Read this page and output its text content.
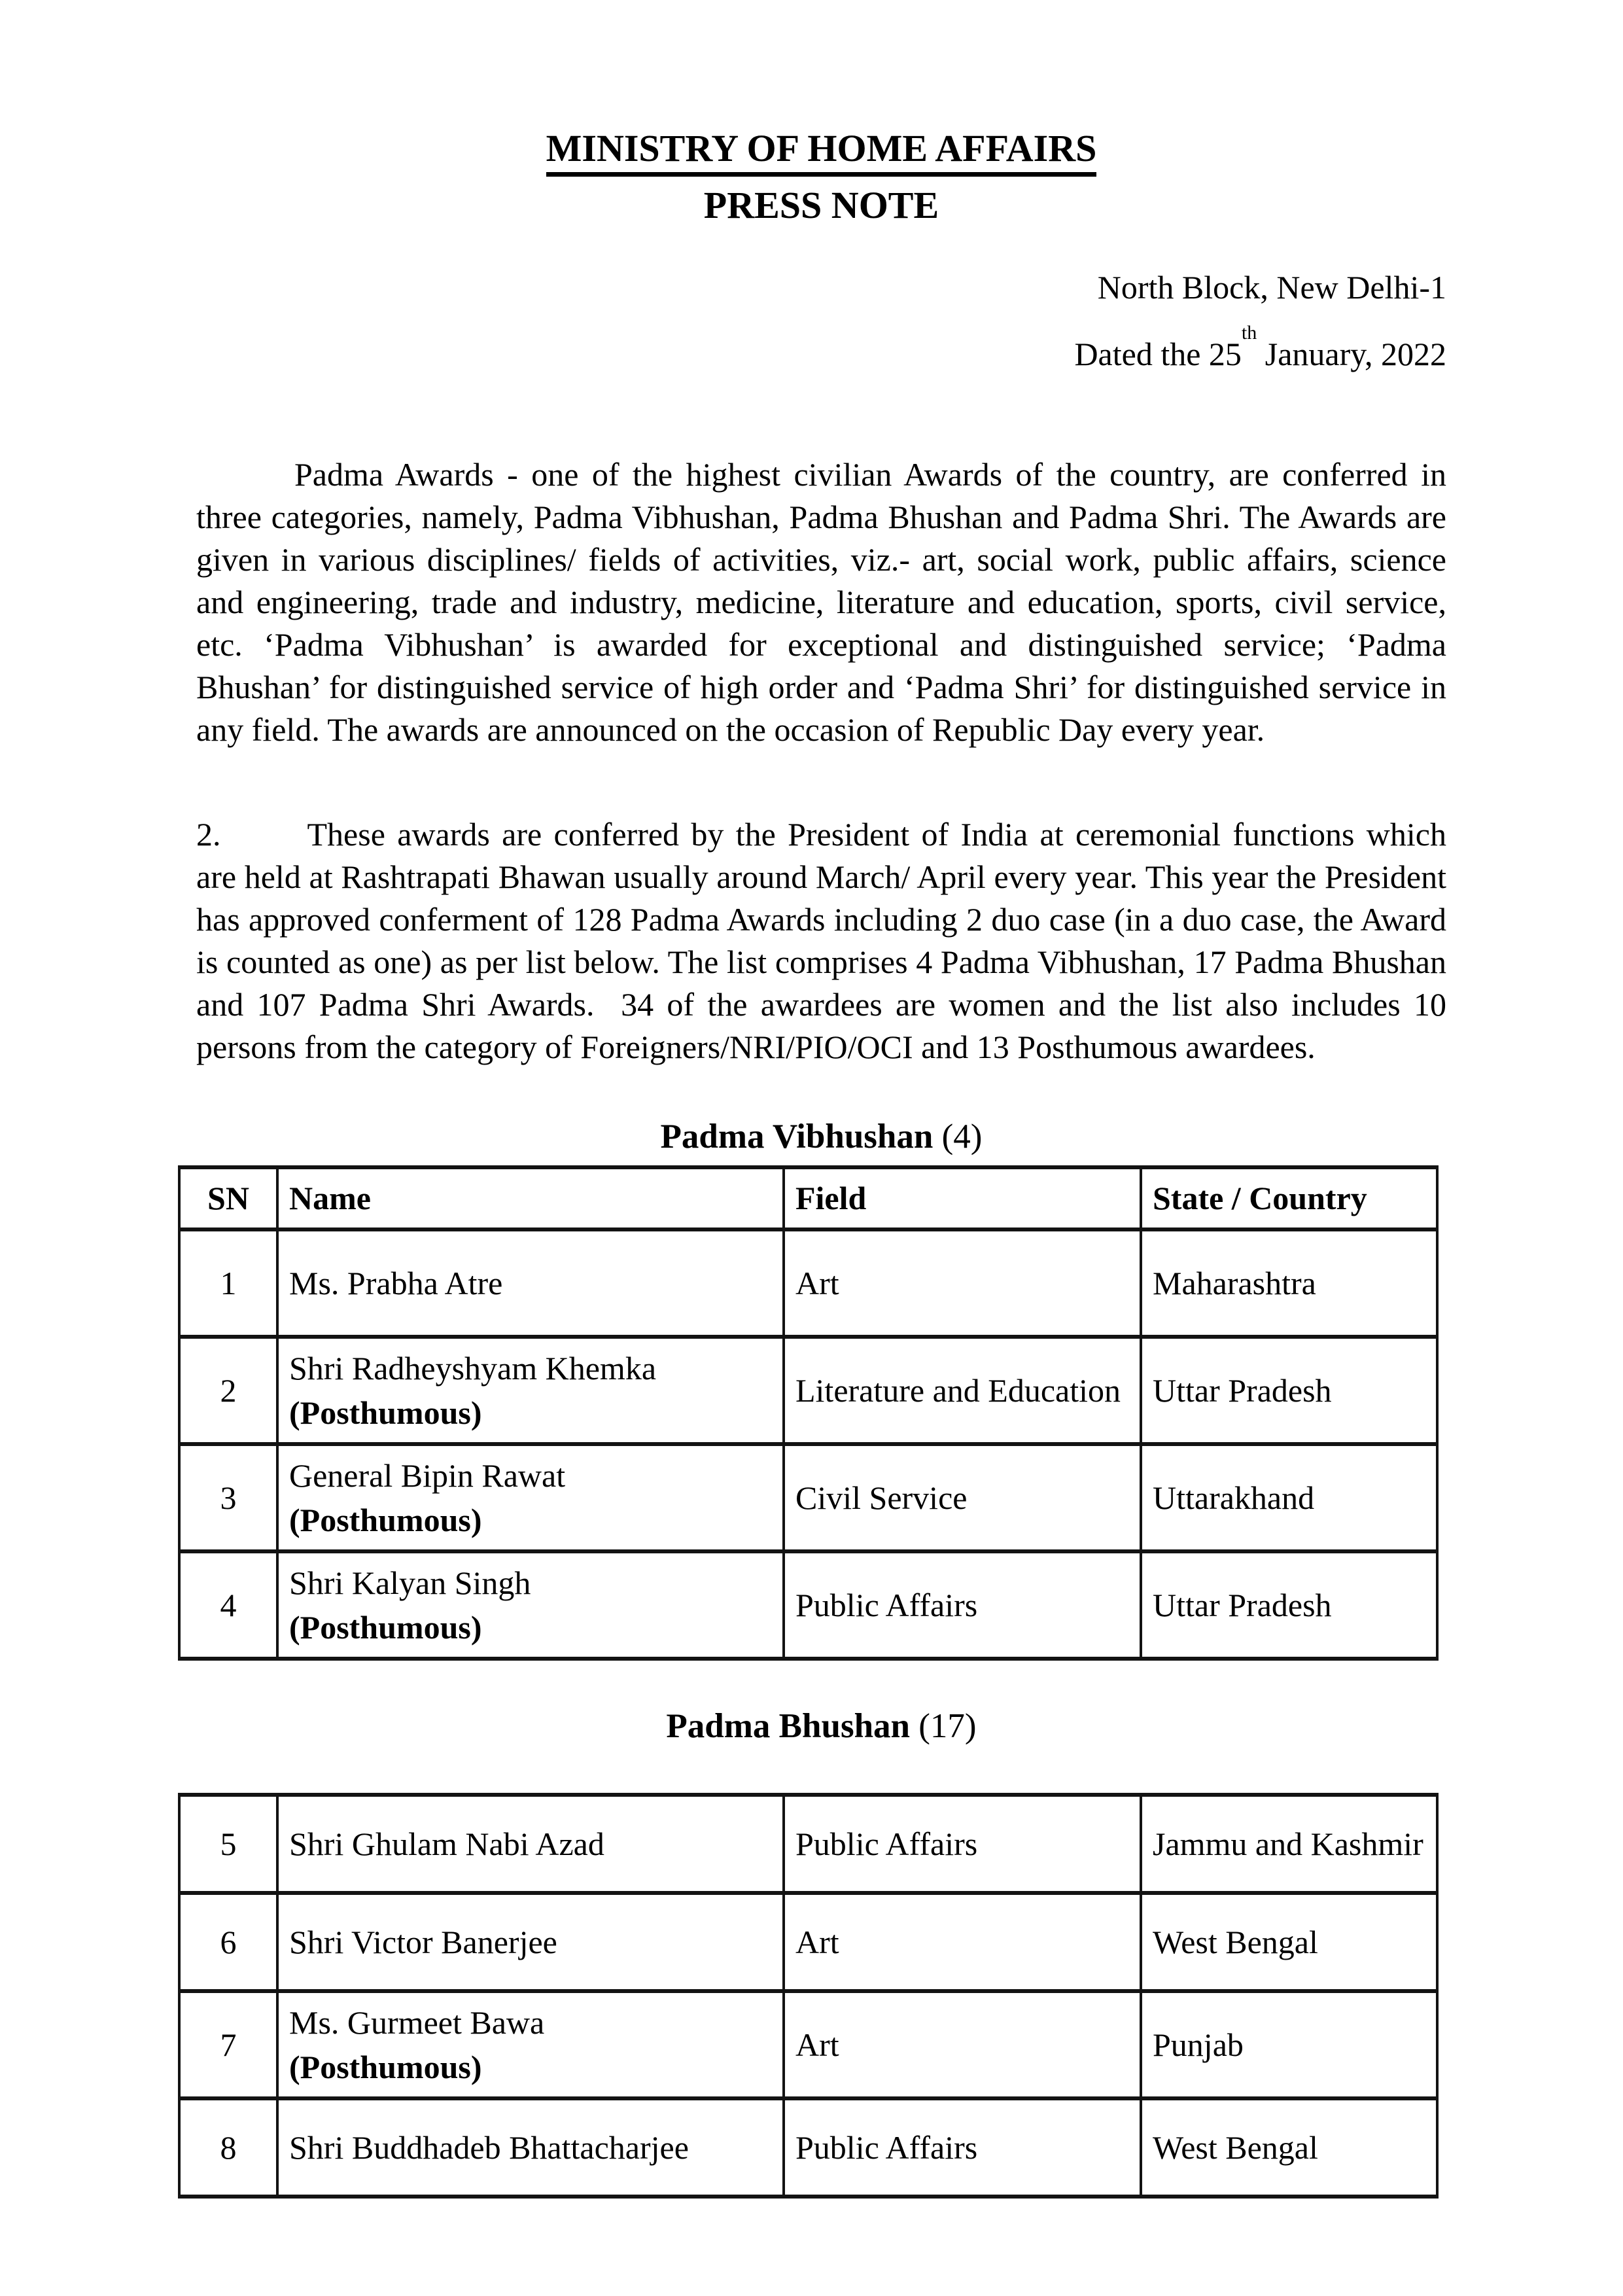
MINISTRY OF HOME AFFAIRS
PRESS NOTE
North Block, New Delhi-1
Dated the 25th January, 2022

Padma Awards - one of the highest civilian Awards of the country, are conferred in three categories, namely, Padma Vibhushan, Padma Bhushan and Padma Shri. The Awards are given in various disciplines/ fields of activities, viz.- art, social work, public affairs, science and engineering, trade and industry, medicine, literature and education, sports, civil service, etc. ‘Padma Vibhushan’ is awarded for exceptional and distinguished service; ‘Padma Bhushan’ for distinguished service of high order and ‘Padma Shri’ for distinguished service in any field. The awards are announced on the occasion of Republic Day every year.

2.	These awards are conferred by the President of India at ceremonial functions which are held at Rashtrapati Bhawan usually around March/ April every year. This year the President has approved conferment of 128 Padma Awards including 2 duo case (in a duo case, the Award is counted as one) as per list below. The list comprises 4 Padma Vibhushan, 17 Padma Bhushan and 107 Padma Shri Awards.  34 of the awardees are women and the list also includes 10 persons from the category of Foreigners/NRI/PIO/OCI and 13 Posthumous awardees.

Padma Vibhushan (4)
SN	Name	Field	State / Country
1	Ms. Prabha Atre	Art	Maharashtra
2	Shri Radheyshyam Khemka
(Posthumous)	Literature and Education	Uttar Pradesh
3	General Bipin Rawat
(Posthumous)	Civil Service	Uttarakhand
4	Shri Kalyan Singh
(Posthumous)	Public Affairs	Uttar Pradesh
Padma Bhushan (17)
5	Shri Ghulam Nabi Azad	Public Affairs	Jammu and Kashmir
6	Shri Victor Banerjee	Art	West Bengal
7	Ms. Gurmeet Bawa
(Posthumous)	Art	Punjab
8	Shri Buddhadeb Bhattacharjee	Public Affairs	West Bengal
